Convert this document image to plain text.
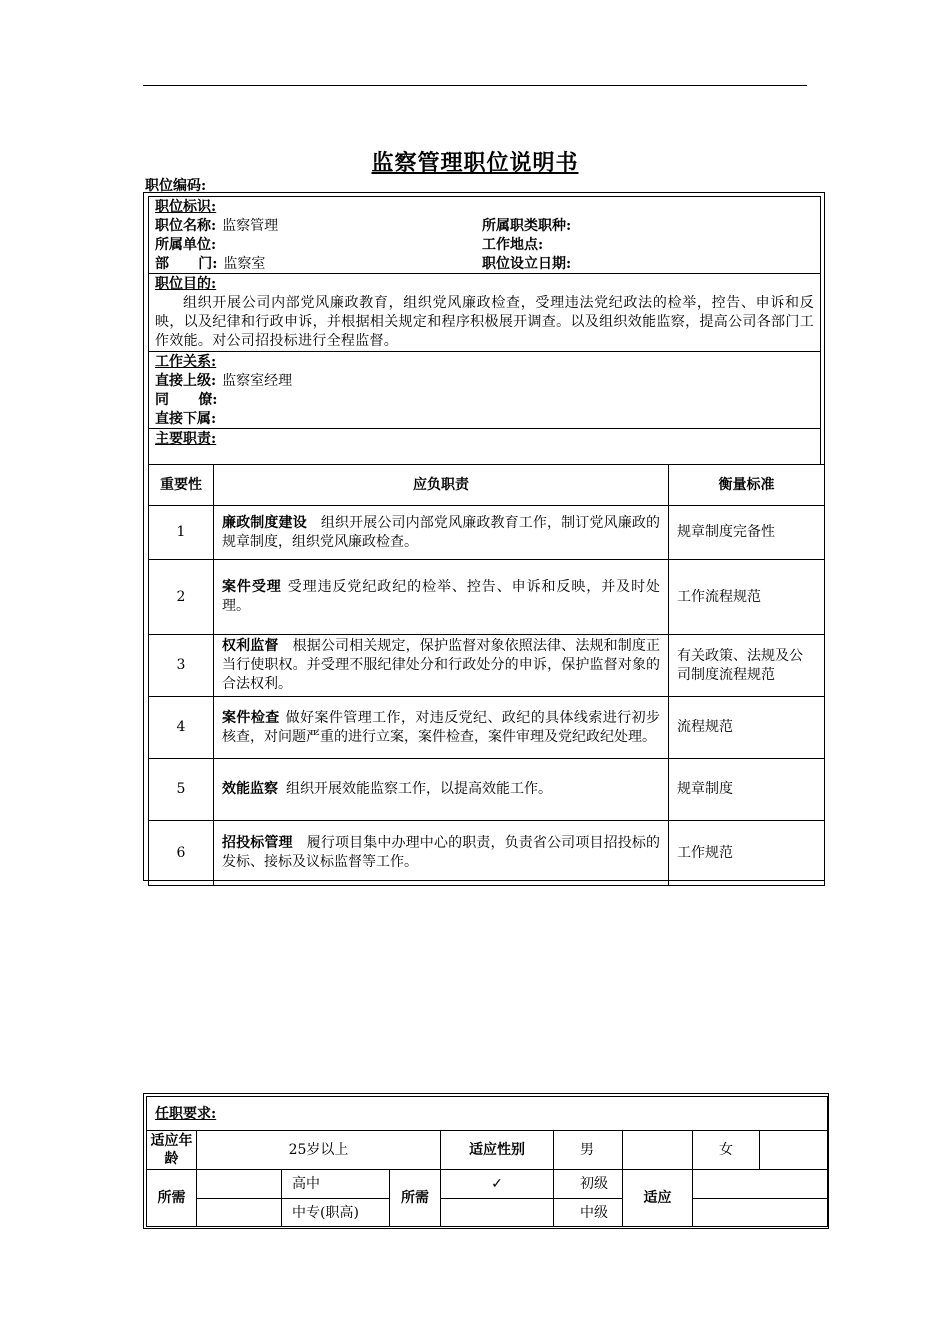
监察管理职位说明书
职位编码:
职位标识:
职位名称: 监察管理	所属职类职种:
所属单位:	工作地点:
部      门: 监察室	职位设立日期:
职位目的:
组织开展公司内部党风廉政教育，组织党风廉政检查，受理违法党纪政法的检举，控告、申诉和反映，以及纪律和行政申诉，并根据相关规定和程序积极展开调查。以及组织效能监察，提高公司各部门工作效能。对公司招投标进行全程监督。
工作关系:
直接上级: 监察室经理
同      僚:
直接下属:
主要职责:
重要性	应负职责	衡量标准
1	廉政制度建设 组织开展公司内部党风廉政教育工作，制订党风廉政的规章制度，组织党风廉政检查。	规章制度完备性
2	案件受理 受理违反党纪政纪的检举、控告、申诉和反映，并及时处理。	工作流程规范
3	权利监督 根据公司相关规定，保护监督对象依照法律、法规和制度正当行使职权。并受理不服纪律处分和行政处分的申诉，保护监督对象的合法权利。	有关政策、法规及公司制度流程规范
4	案件检查 做好案件管理工作，对违反党纪、政纪的具体线索进行初步核查，对问题严重的进行立案，案件检查，案件审理及党纪政纪处理。	流程规范
5	效能监察 组织开展效能监察工作，以提高效能工作。	规章制度
6	招投标管理 履行项目集中办理中心的职责，负责省公司项目招投标的发标、接标及议标监督等工作。	工作规范
任职要求:								
适应年龄	25岁以上			适应性别	男		女	
所需		高中	所需	✓	初级	适应		
		中专(职高)			中级			
